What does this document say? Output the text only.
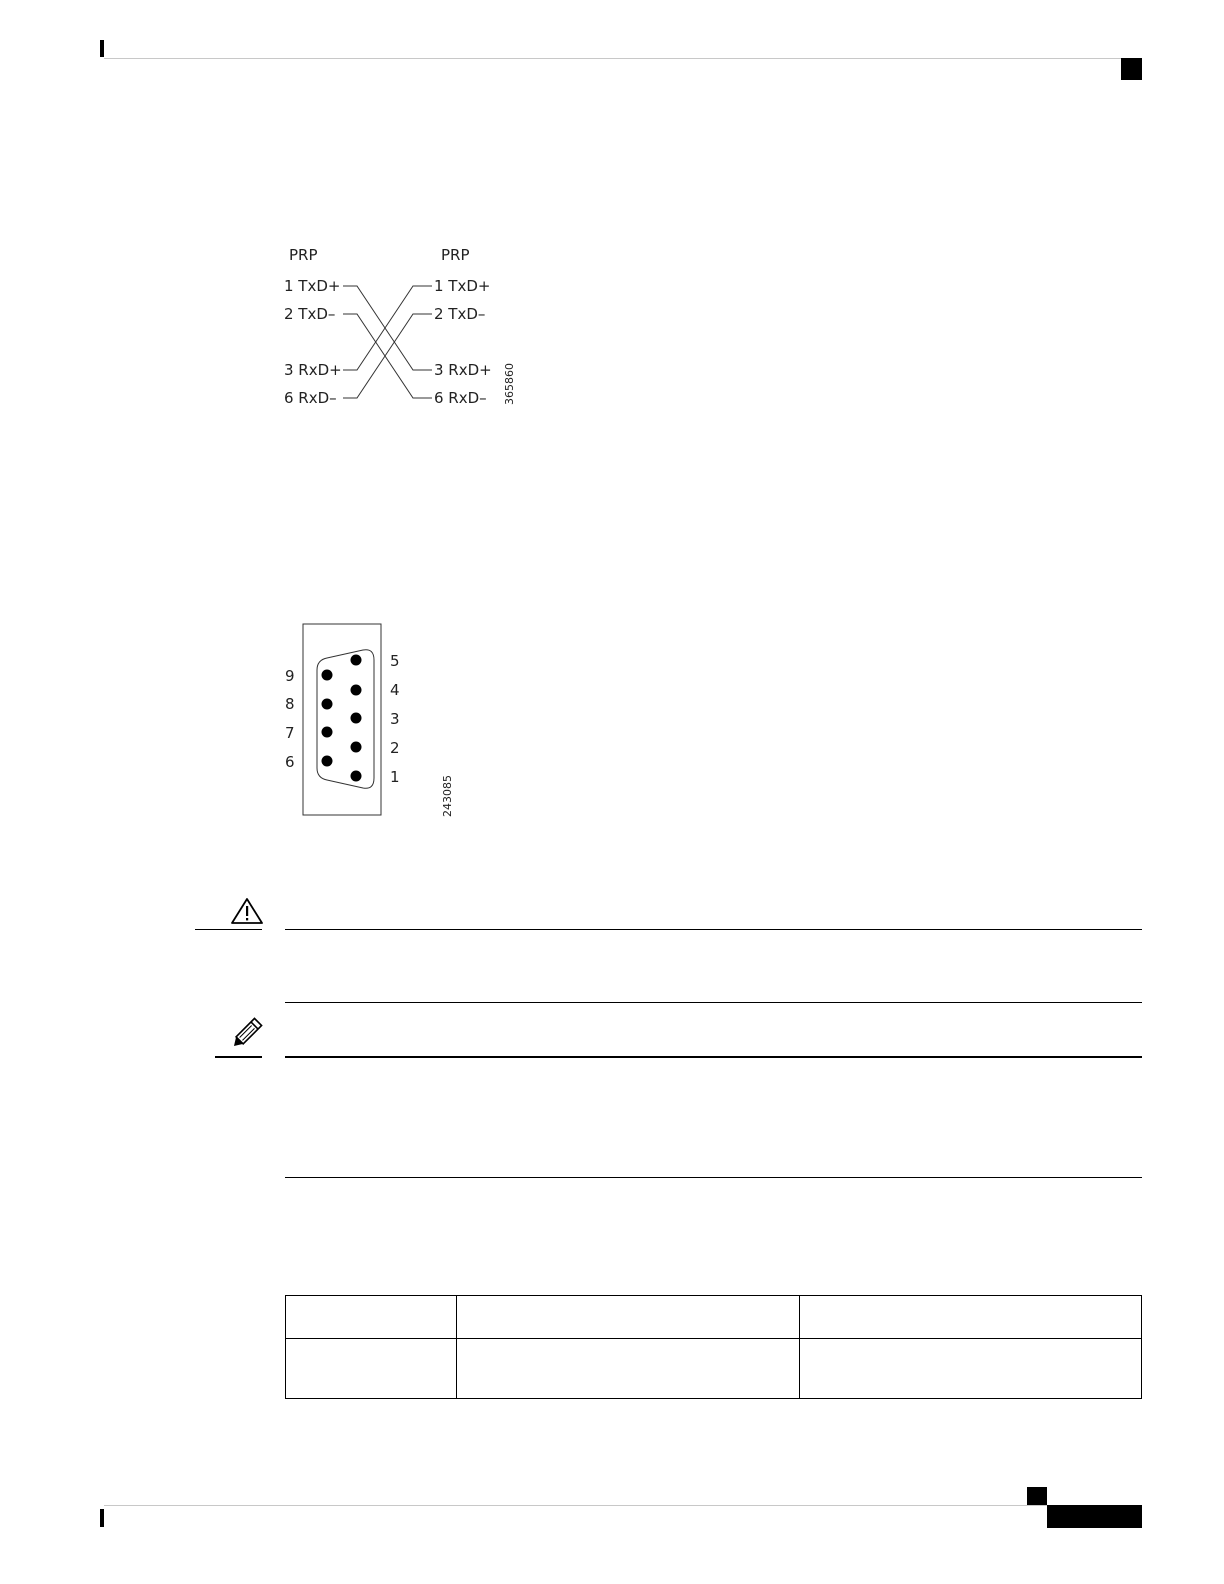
PRP	PRP
1 TxD+
2 TxD–
3 RxD+
6 RxD–
1 TxD+
2 TxD–
3 RxD+
6 RxD– 365860
9
8
7
6
5
4
3
2
1	243085
